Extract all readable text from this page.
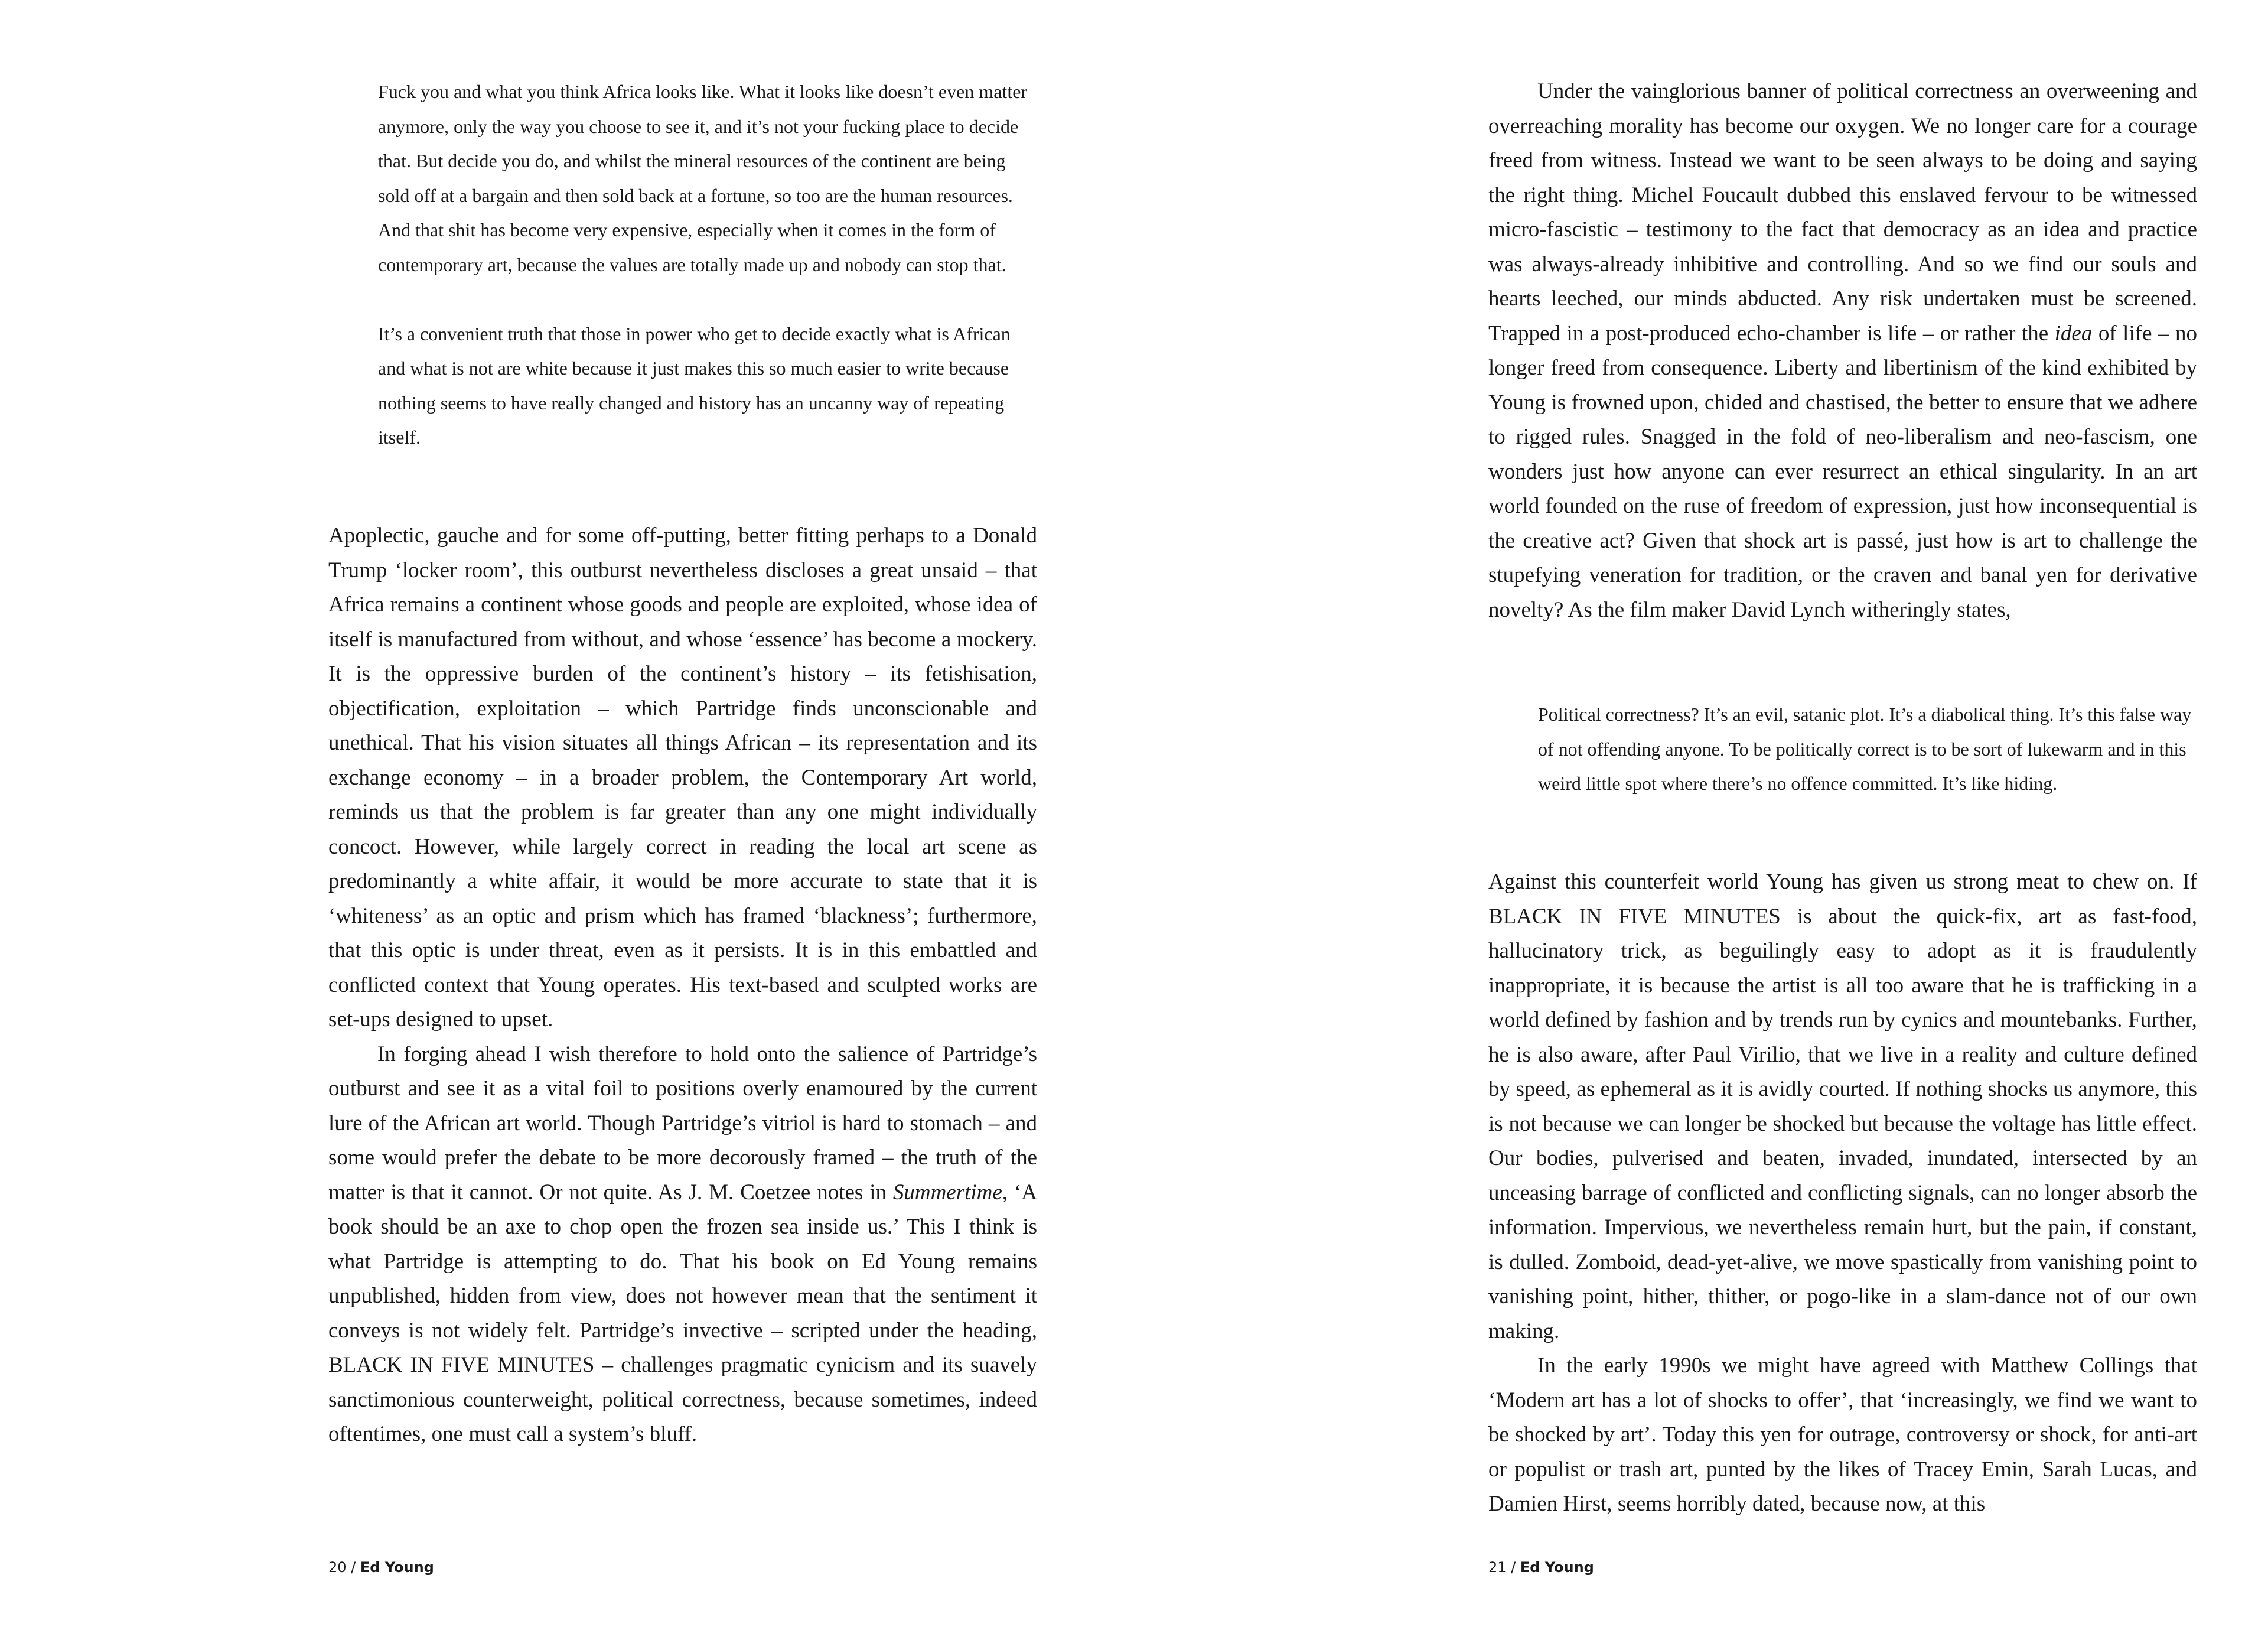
Fuck you and what you think Africa looks like. What it looks like doesn’t even matter anymore, only the way you choose to see it, and it’s not your fucking place to decide that. But decide you do, and whilst the mineral resources of the continent are being sold off at a bargain and then sold back at a fortune, so too are the human resources. And that shit has become very expensive, especially when it comes in the form of contemporary art, because the values are totally made up and nobody can stop that.

It’s a convenient truth that those in power who get to decide exactly what is African and what is not are white because it just makes this so much easier to write because nothing seems to have really changed and history has an uncanny way of repeating itself.

Apoplectic, gauche and for some off-putting, better fitting perhaps to a Donald Trump ‘locker room’, this outburst nevertheless discloses a great unsaid – that Africa remains a continent whose goods and people are exploited, whose idea of itself is manufactured from without, and whose ‘essence’ has become a mockery. It is the oppressive burden of the continent’s history – its fetishisation, objectification, exploitation – which Partridge finds unconscionable and unethical. That his vision situates all things African – its representation and its exchange economy – in a broader problem, the Contemporary Art world, reminds us that the problem is far greater than any one might individually concoct. However, while largely correct in reading the local art scene as predominantly a white affair, it would be more accurate to state that it is ‘whiteness’ as an optic and prism which has framed ‘blackness’; furthermore, that this optic is under threat, even as it persists. It is in this embattled and conflicted context that Young operates. His text-based and sculpted works are set-ups designed to upset.

In forging ahead I wish therefore to hold onto the salience of Partridge’s outburst and see it as a vital foil to positions overly enamoured by the current lure of the African art world. Though Partridge’s vitriol is hard to stomach – and some would prefer the debate to be more decorously framed – the truth of the matter is that it cannot. Or not quite. As J. M. Coetzee notes in Summertime, ‘A book should be an axe to chop open the frozen sea inside us.’ This I think is what Partridge is attempting to do. That his book on Ed Young remains unpublished, hidden from view, does not however mean that the sentiment it conveys is not widely felt. Partridge’s invective – scripted under the heading, BLACK IN FIVE MINUTES – challenges pragmatic cynicism and its suavely sanctimonious counterweight, political correctness, because sometimes, indeed oftentimes, one must call a system’s bluff.

20 / Ed Young

Under the vainglorious banner of political correctness an overweening and overreaching morality has become our oxygen. We no longer care for a courage freed from witness. Instead we want to be seen always to be doing and saying the right thing. Michel Foucault dubbed this enslaved fervour to be witnessed micro-fascistic – testimony to the fact that democracy as an idea and practice was always-already inhibitive and controlling. And so we find our souls and hearts leeched, our minds abducted. Any risk undertaken must be screened. Trapped in a post-produced echo-chamber is life – or rather the idea of life – no longer freed from consequence. Liberty and libertinism of the kind exhibited by Young is frowned upon, chided and chastised, the better to ensure that we adhere to rigged rules. Snagged in the fold of neo-liberalism and neo-fascism, one wonders just how anyone can ever resurrect an ethical singularity. In an art world founded on the ruse of freedom of expression, just how inconsequential is the creative act? Given that shock art is passé, just how is art to challenge the stupefying veneration for tradition, or the craven and banal yen for derivative novelty? As the film maker David Lynch witheringly states,

Political correctness? It’s an evil, satanic plot. It’s a diabolical thing. It’s this false way of not offending anyone. To be politically correct is to be sort of lukewarm and in this weird little spot where there’s no offence committed. It’s like hiding.

Against this counterfeit world Young has given us strong meat to chew on. If BLACK IN FIVE MINUTES is about the quick-fix, art as fast-food, hallucinatory trick, as beguilingly easy to adopt as it is fraudulently inappropriate, it is because the artist is all too aware that he is trafficking in a world defined by fashion and by trends run by cynics and mountebanks. Further, he is also aware, after Paul Virilio, that we live in a reality and culture defined by speed, as ephemeral as it is avidly courted. If nothing shocks us anymore, this is not because we can longer be shocked but because the voltage has little effect. Our bodies, pulverised and beaten, invaded, inundated, intersected by an unceasing barrage of conflicted and conflicting signals, can no longer absorb the information. Impervious, we nevertheless remain hurt, but the pain, if constant, is dulled. Zomboid, dead-yet-alive, we move spastically from vanishing point to vanishing point, hither, thither, or pogo-like in a slam-dance not of our own making.

In the early 1990s we might have agreed with Matthew Collings that ‘Modern art has a lot of shocks to offer’, that ‘increasingly, we find we want to be shocked by art’. Today this yen for outrage, controversy or shock, for anti-art or populist or trash art, punted by the likes of Tracey Emin, Sarah Lucas, and Damien Hirst, seems horribly dated, because now, at this

21 / Ed Young
